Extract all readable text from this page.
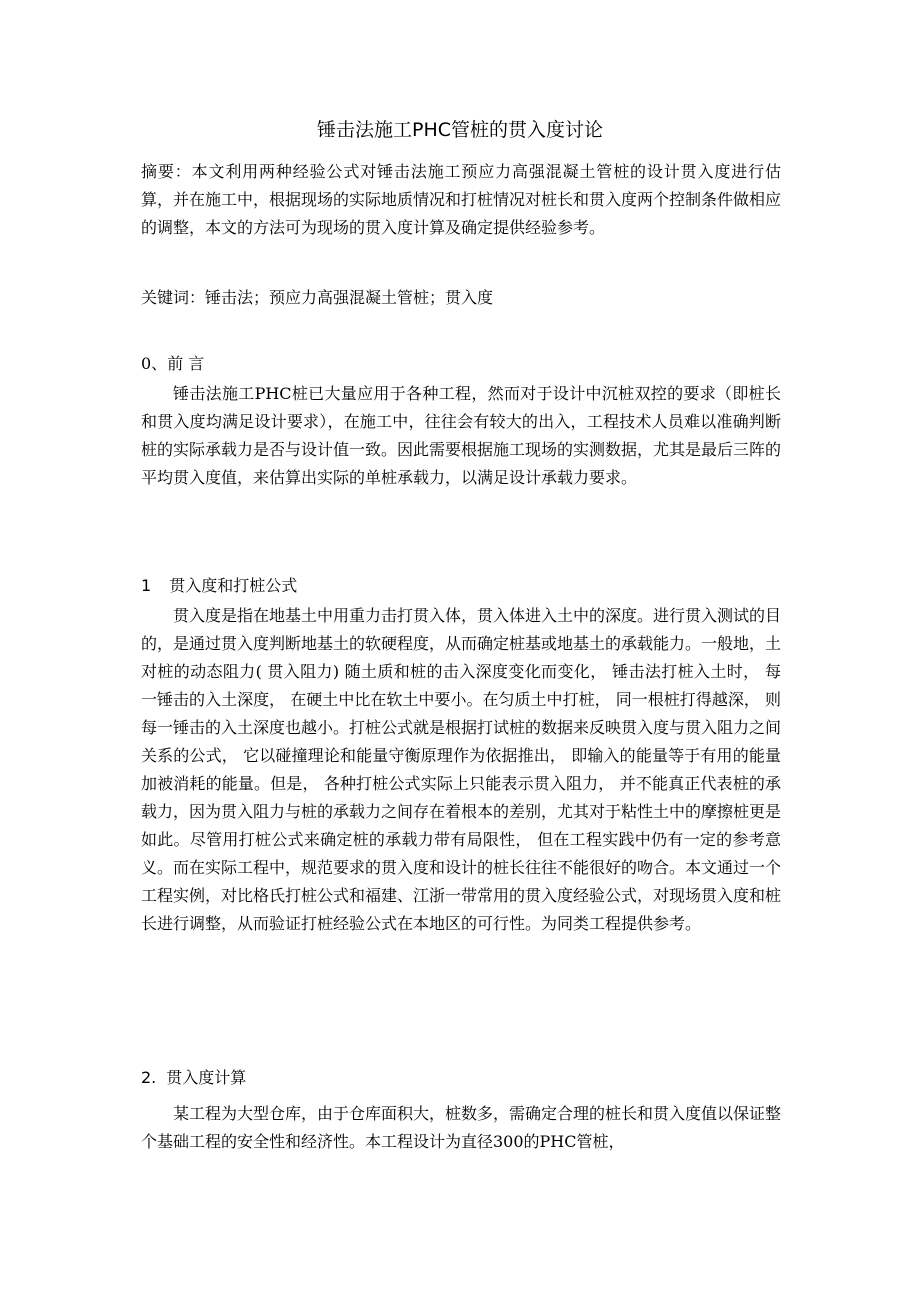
锤击法施工PHC管桩的贯入度讨论
摘要：本文利用两种经验公式对锤击法施工预应力高强混凝土管桩的设计贯入度进行估算，并在施工中，根据现场的实际地质情况和打桩情况对桩长和贯入度两个控制条件做相应的调整，本文的方法可为现场的贯入度计算及确定提供经验参考。
关键词：锤击法；预应力高强混凝土管桩；贯入度
0、前 言
锤击法施工PHC桩已大量应用于各种工程，然而对于设计中沉桩双控的要求（即桩长和贯入度均满足设计要求），在施工中，往往会有较大的出入，工程技术人员难以准确判断桩的实际承载力是否与设计值一致。因此需要根据施工现场的实测数据，尤其是最后三阵的平均贯入度值，来估算出实际的单桩承载力，以满足设计承载力要求。
1 贯入度和打桩公式
贯入度是指在地基土中用重力击打贯入体，贯入体进入土中的深度。进行贯入测试的目的，是通过贯入度判断地基土的软硬程度，从而确定桩基或地基土的承载能力。一般地，土对桩的动态阻力( 贯入阻力) 随土质和桩的击入深度变化而变化， 锤击法打桩入土时， 每一锤击的入土深度， 在硬土中比在软土中要小。在匀质土中打桩， 同一根桩打得越深， 则每一锤击的入土深度也越小。打桩公式就是根据打试桩的数据来反映贯入度与贯入阻力之间关系的公式， 它以碰撞理论和能量守衡原理作为依据推出， 即输入的能量等于有用的能量加被消耗的能量。但是， 各种打桩公式实际上只能表示贯入阻力， 并不能真正代表桩的承载力，因为贯入阻力与桩的承载力之间存在着根本的差别，尤其对于粘性土中的摩擦桩更是如此。尽管用打桩公式来确定桩的承载力带有局限性， 但在工程实践中仍有一定的参考意义。而在实际工程中，规范要求的贯入度和设计的桩长往往不能很好的吻合。本文通过一个工程实例，对比格氏打桩公式和福建、江浙一带常用的贯入度经验公式，对现场贯入度和桩长进行调整，从而验证打桩经验公式在本地区的可行性。为同类工程提供参考。
2. 贯入度计算
某工程为大型仓库，由于仓库面积大，桩数多，需确定合理的桩长和贯入度值以保证整个基础工程的安全性和经济性。本工程设计为直径300的PHC管桩，
